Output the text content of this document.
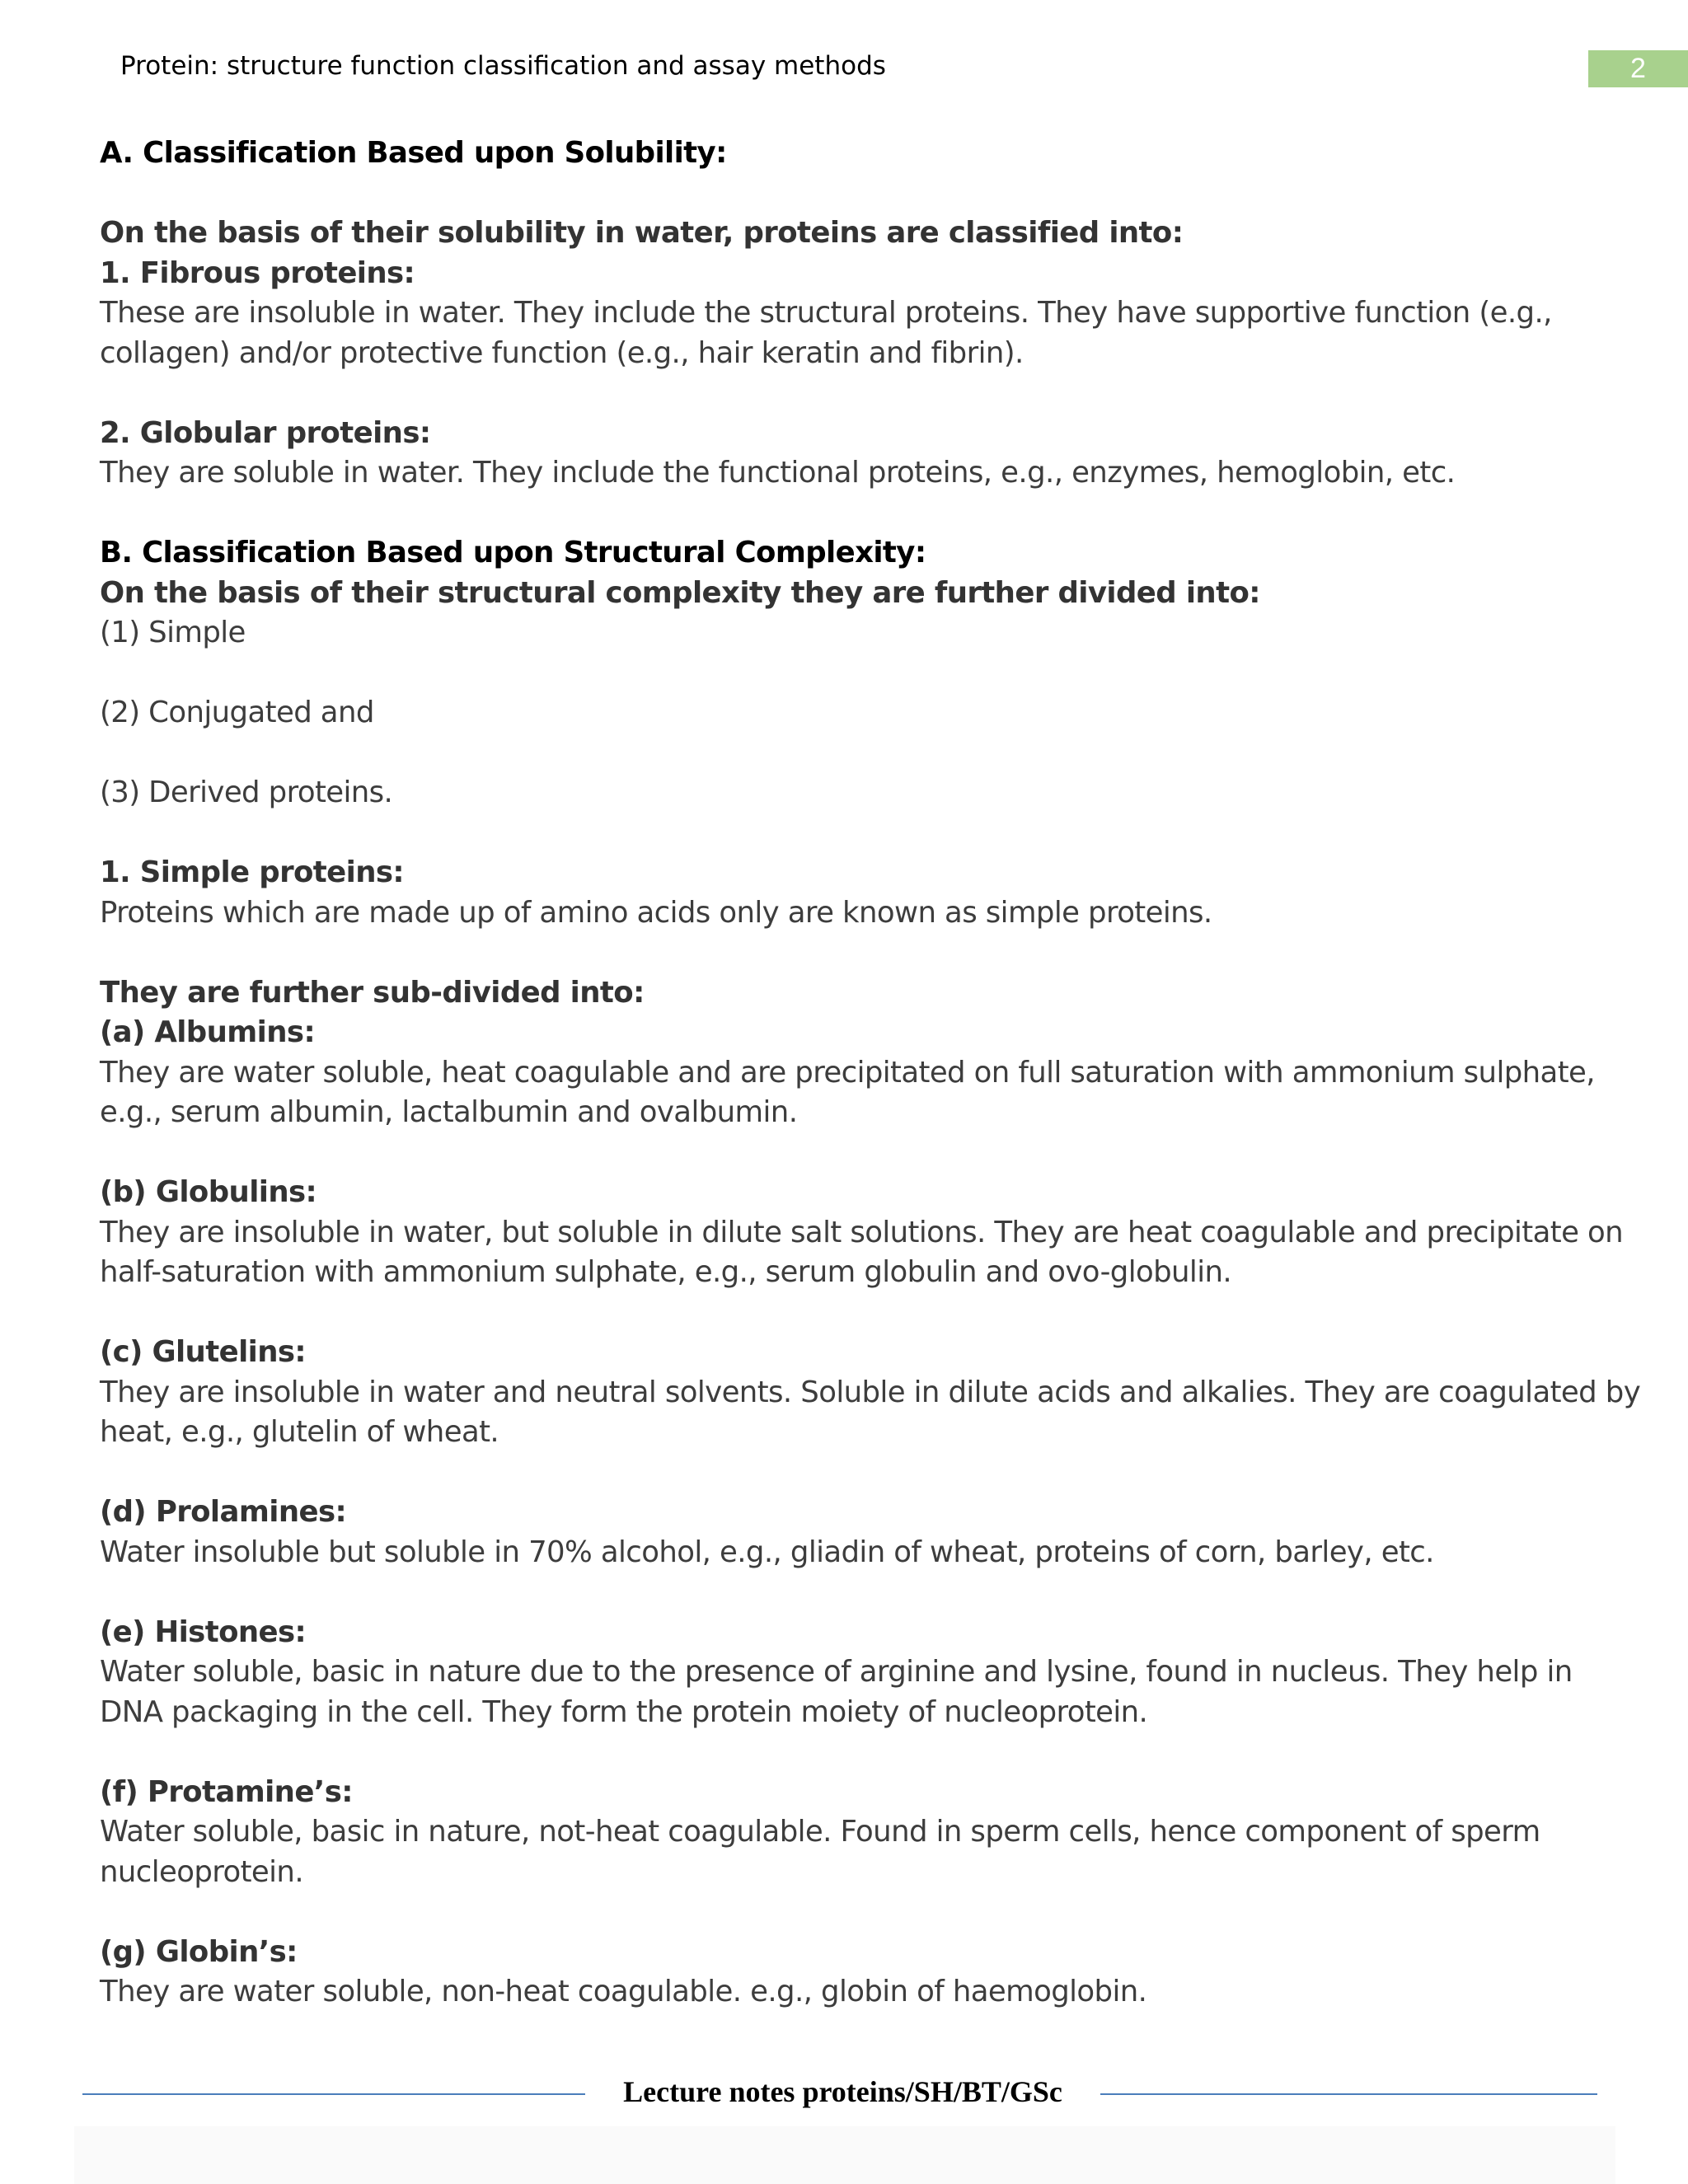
Protein: structure function classification and assay methods	2

A. Classification Based upon Solubility:

On the basis of their solubility in water, proteins are classified into:

1. Fibrous proteins:

These are insoluble in water. They include the structural proteins. They have supportive function (e.g.,

collagen) and/or protective function (e.g., hair keratin and fibrin).

2. Globular proteins:

They are soluble in water. They include the functional proteins, e.g., enzymes, hemoglobin, etc.

B. Classification Based upon Structural Complexity:

On the basis of their structural complexity they are further divided into:

(1) Simple

(2) Conjugated and

(3) Derived proteins.

1. Simple proteins:

Proteins which are made up of amino acids only are known as simple proteins.

They are further sub-divided into:

(a) Albumins:

They are water soluble, heat coagulable and are precipitated on full saturation with ammonium sulphate,

e.g., serum albumin, lactalbumin and ovalbumin.

(b) Globulins:

They are insoluble in water, but soluble in dilute salt solutions. They are heat coagulable and precipitate on

half-saturation with ammonium sulphate, e.g., serum globulin and ovo-globulin.

(c) Glutelins:

They are insoluble in water and neutral solvents. Soluble in dilute acids and alkalies. They are coagulated by

heat, e.g., glutelin of wheat.

(d) Prolamines:

Water insoluble but soluble in 70% alcohol, e.g., gliadin of wheat, proteins of corn, barley, etc.

(e) Histones:

Water soluble, basic in nature due to the presence of arginine and lysine, found in nucleus. They help in

DNA packaging in the cell. They form the protein moiety of nucleoprotein.

(f) Protamine’s:

Water soluble, basic in nature, not-heat coagulable. Found in sperm cells, hence component of sperm

nucleoprotein.

(g) Globin’s:

They are water soluble, non-heat coagulable. e.g., globin of haemoglobin.

Lecture notes proteins/SH/BT/GSc
